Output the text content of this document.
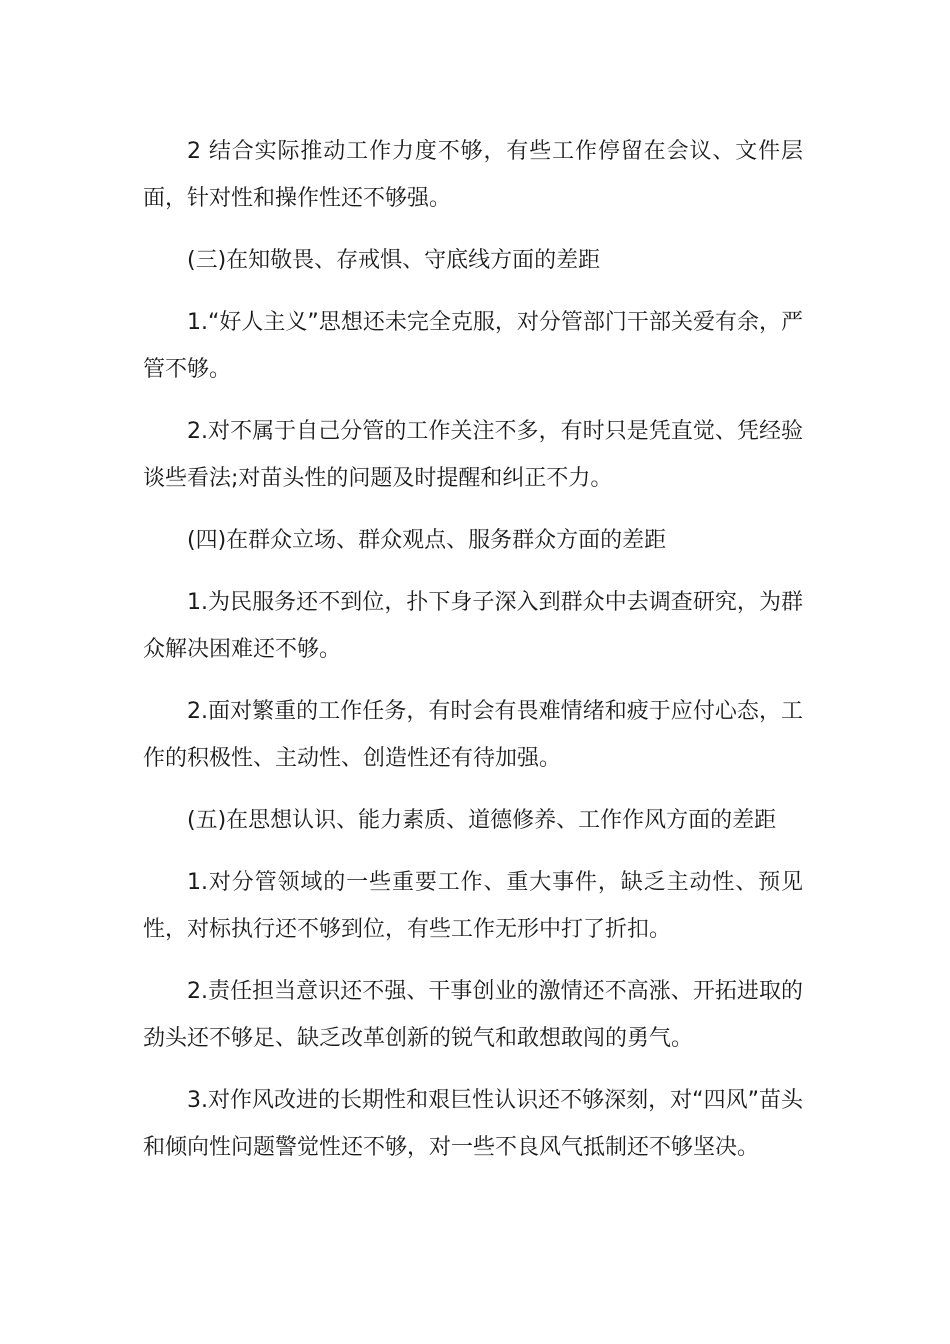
2 结合实际推动工作力度不够，有些工作停留在会议、文件层面，针对性和操作性还不够强。

(三)在知敬畏、存戒惧、守底线方面的差距

1.“好人主义”思想还未完全克服，对分管部门干部关爱有余，严管不够。

2.对不属于自己分管的工作关注不多，有时只是凭直觉、凭经验谈些看法;对苗头性的问题及时提醒和纠正不力。

(四)在群众立场、群众观点、服务群众方面的差距

1.为民服务还不到位，扑下身子深入到群众中去调查研究，为群众解决困难还不够。

2.面对繁重的工作任务，有时会有畏难情绪和疲于应付心态，工作的积极性、主动性、创造性还有待加强。

(五)在思想认识、能力素质、道德修养、工作作风方面的差距

1.对分管领域的一些重要工作、重大事件，缺乏主动性、预见性，对标执行还不够到位，有些工作无形中打了折扣。

2.责任担当意识还不强、干事创业的激情还不高涨、开拓进取的劲头还不够足、缺乏改革创新的锐气和敢想敢闯的勇气。

3.对作风改进的长期性和艰巨性认识还不够深刻，对“四风”苗头和倾向性问题警觉性还不够，对一些不良风气抵制还不够坚决。
